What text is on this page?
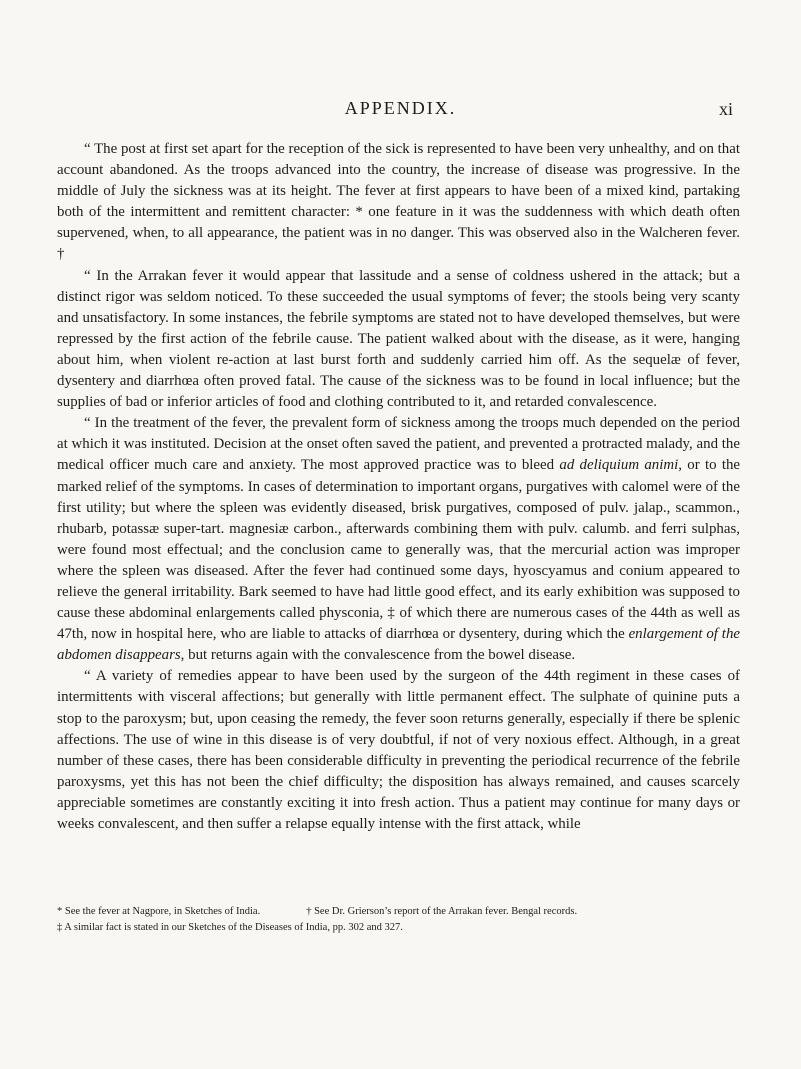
APPENDIX.	xi

“ The post at first set apart for the reception of the sick is represented to have been very unhealthy, and on that account abandoned. As the troops advanced into the country, the increase of disease was progressive. In the middle of July the sickness was at its height. The fever at first appears to have been of a mixed kind, partaking both of the intermittent and remittent character: * one feature in it was the suddenness with which death often supervened, when, to all appearance, the patient was in no danger. This was observed also in the Walcheren fever. †

“ In the Arrakan fever it would appear that lassitude and a sense of coldness ushered in the attack; but a distinct rigor was seldom noticed. To these succeeded the usual symptoms of fever; the stools being very scanty and unsatisfactory. In some instances, the febrile symptoms are stated not to have developed themselves, but were repressed by the first action of the febrile cause. The patient walked about with the disease, as it were, hanging about him, when violent re-action at last burst forth and suddenly carried him off. As the sequelæ of fever, dysentery and diarrhœa often proved fatal. The cause of the sickness was to be found in local influence; but the supplies of bad or inferior articles of food and clothing contributed to it, and retarded convalescence.

“ In the treatment of the fever, the prevalent form of sickness among the troops much depended on the period at which it was instituted. Decision at the onset often saved the patient, and prevented a protracted malady, and the medical officer much care and anxiety. The most approved practice was to bleed ad deliquium animi, or to the marked relief of the symptoms. In cases of determination to important organs, purgatives with calomel were of the first utility; but where the spleen was evidently diseased, brisk purgatives, composed of pulv. jalap., scammon., rhubarb, potassæ super-tart. magnesiæ carbon., afterwards combining them with pulv. calumb. and ferri sulphas, were found most effectual; and the conclusion came to generally was, that the mercurial action was improper where the spleen was diseased. After the fever had continued some days, hyoscyamus and conium appeared to relieve the general irritability. Bark seemed to have had little good effect, and its early exhibition was supposed to cause these abdominal enlargements called physconia, ‡ of which there are numerous cases of the 44th as well as 47th, now in hospital here, who are liable to attacks of diarrhœa or dysentery, during which the enlargement of the abdomen disappears, but returns again with the convalescence from the bowel disease.

“ A variety of remedies appear to have been used by the surgeon of the 44th regiment in these cases of intermittents with visceral affections; but generally with little permanent effect. The sulphate of quinine puts a stop to the paroxysm; but, upon ceasing the remedy, the fever soon returns generally, especially if there be splenic affections. The use of wine in this disease is of very doubtful, if not of very noxious effect. Although, in a great number of these cases, there has been considerable difficulty in preventing the periodical recurrence of the febrile paroxysms, yet this has not been the chief difficulty; the disposition has always remained, and causes scarcely appreciable sometimes are constantly exciting it into fresh action. Thus a patient may continue for many days or weeks convalescent, and then suffer a relapse equally intense with the first attack, while

* See the fever at Nagpore, in Sketches of India.	† See Dr. Grierson’s report of the Arrakan fever. Bengal records.

‡ A similar fact is stated in our Sketches of the Diseases of India, pp. 302 and 327.
